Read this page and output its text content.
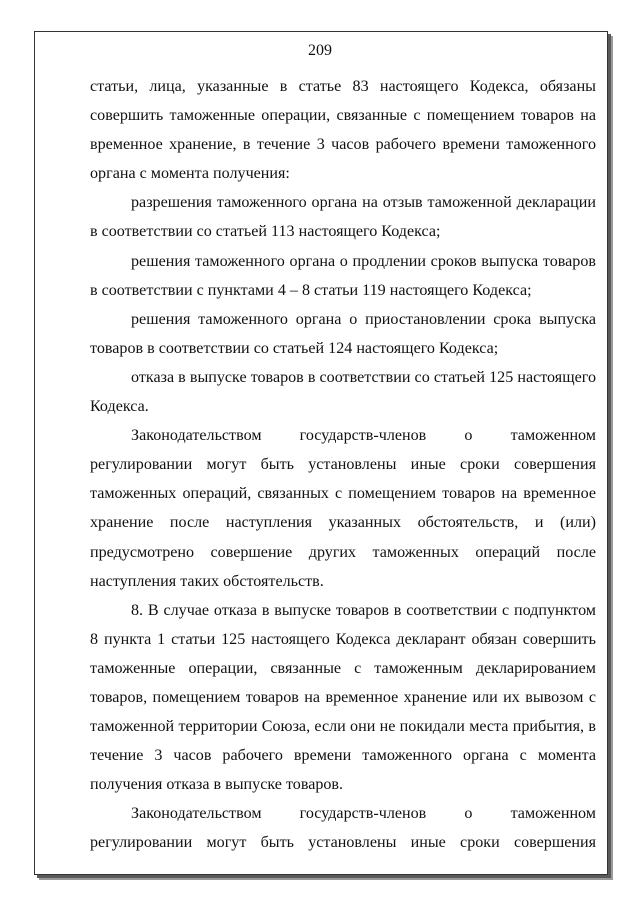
209

статьи, лица, указанные в статье 83 настоящего Кодекса, обязаны совершить таможенные операции, связанные с помещением товаров на временное хранение, в течение 3 часов рабочего времени таможенного органа с момента получения:

разрешения таможенного органа на отзыв таможенной декларации в соответствии со статьей 113 настоящего Кодекса;

решения таможенного органа о продлении сроков выпуска товаров в соответствии с пунктами 4 – 8 статьи 119 настоящего Кодекса;

решения таможенного органа о приостановлении срока выпуска товаров в соответствии со статьей 124 настоящего Кодекса;

отказа в выпуске товаров в соответствии со статьей 125 настоящего Кодекса.

Законодательством государств-членов о таможенном регулировании могут быть установлены иные сроки совершения таможенных операций, связанных с помещением товаров на временное хранение после наступления указанных обстоятельств, и (или) предусмотрено совершение других таможенных операций после наступления таких обстоятельств.

8. В случае отказа в выпуске товаров в соответствии с подпунктом 8 пункта 1 статьи 125 настоящего Кодекса декларант обязан совершить таможенные операции, связанные с таможенным декларированием товаров, помещением товаров на временное хранение или их вывозом с таможенной территории Союза, если они не покидали места прибытия, в течение 3 часов рабочего времени таможенного органа с момента получения отказа в выпуске товаров.

Законодательством государств-членов о таможенном регулировании могут быть установлены иные сроки совершения
